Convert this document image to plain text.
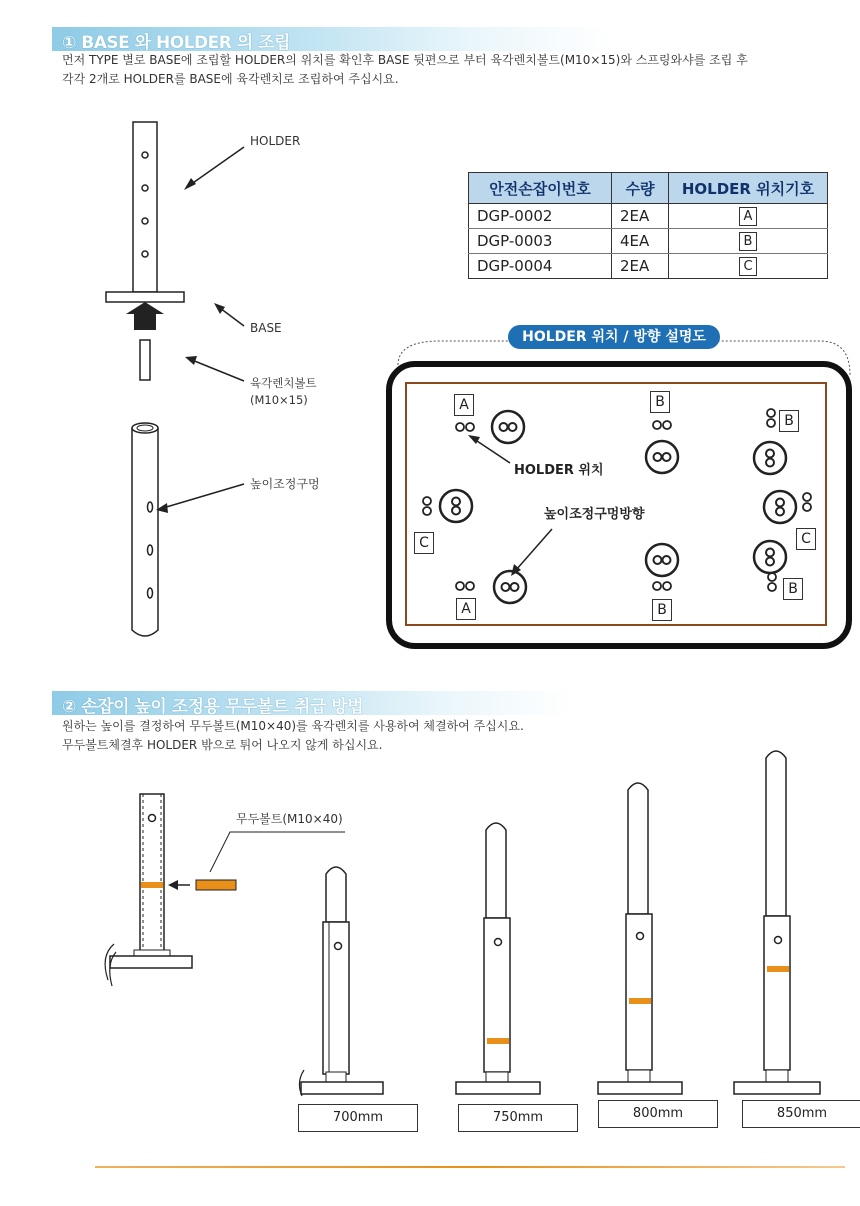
① BASE 와 HOLDER 의 조립
먼저 TYPE 별로 BASE에 조립할 HOLDER의 위치를 확인후 BASE 뒷편으로 부터 육각렌치볼트(M10×15)와 스프링와샤를 조립 후
각각 2개로 HOLDER를 BASE에 육각렌치로 조립하여 주십시요.
HOLDER
BASE
육각렌치볼트
(M10×15)
높이조정구멍
안전손잡이번호	수량	HOLDER 위치기호
DGP-0002	2EA	A
DGP-0003	4EA	B
DGP-0004	2EA	C
HOLDER 위치 / 방향 설명도
A	B
B
C	C
A	B
B
HOLDER 위치
높이조정구멍방향
② 손잡이 높이 조정용 무두볼트 취급 방법
원하는 높이를 결정하여 무두볼트(M10×40)를 육각렌치를 사용하여 체결하여 주십시요.
무두볼트체결후 HOLDER 밖으로 튀어 나오지 않게 하십시요.
무두볼트(M10×40)
700mm	750mm	800mm	850mm
